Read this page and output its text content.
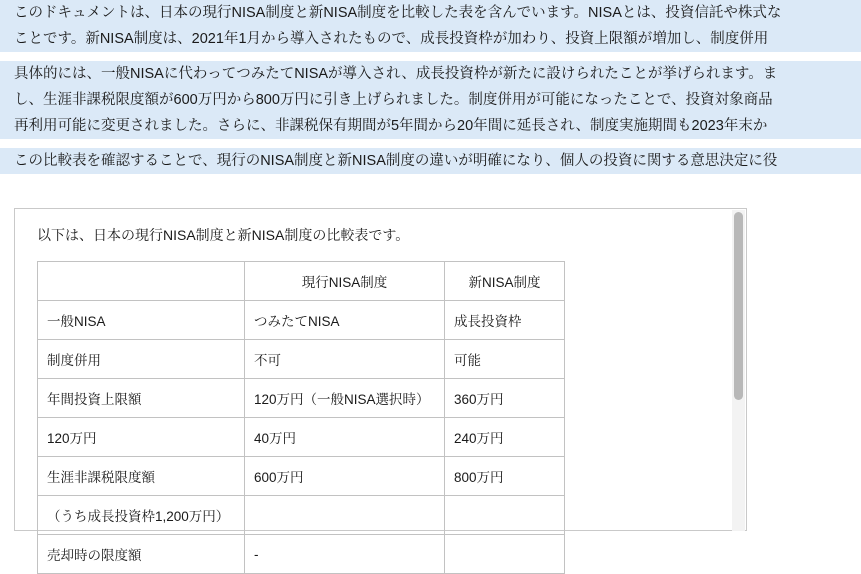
このドキュメントは、日本の現行NISA制度と新NISA制度を比較した表を含んでいます。NISAとは、投資信託や株式な
ことです。新NISA制度は、2021年1月から導入されたもので、成長投資枠が加わり、投資上限額が増加し、制度併用
具体的には、一般NISAに代わってつみたてNISAが導入され、成長投資枠が新たに設けられたことが挙げられます。ま
し、生涯非課税限度額が600万円から800万円に引き上げられました。制度併用が可能になったことで、投資対象商品
再利用可能に変更されました。さらに、非課税保有期間が5年間から20年間に延長され、制度実施期間も2023年末か
この比較表を確認することで、現行のNISA制度と新NISA制度の違いが明確になり、個人の投資に関する意思決定に役
以下は、日本の現行NISA制度と新NISA制度の比較表です。
	現行NISA制度	新NISA制度
一般NISA	つみたてNISA	成長投資枠
制度併用	不可	可能
年間投資上限額	120万円（一般NISA選択時）	360万円
120万円	40万円	240万円
生涯非課税限度額	600万円	800万円
（うち成長投資枠1,200万円）		
売却時の限度額	-	
